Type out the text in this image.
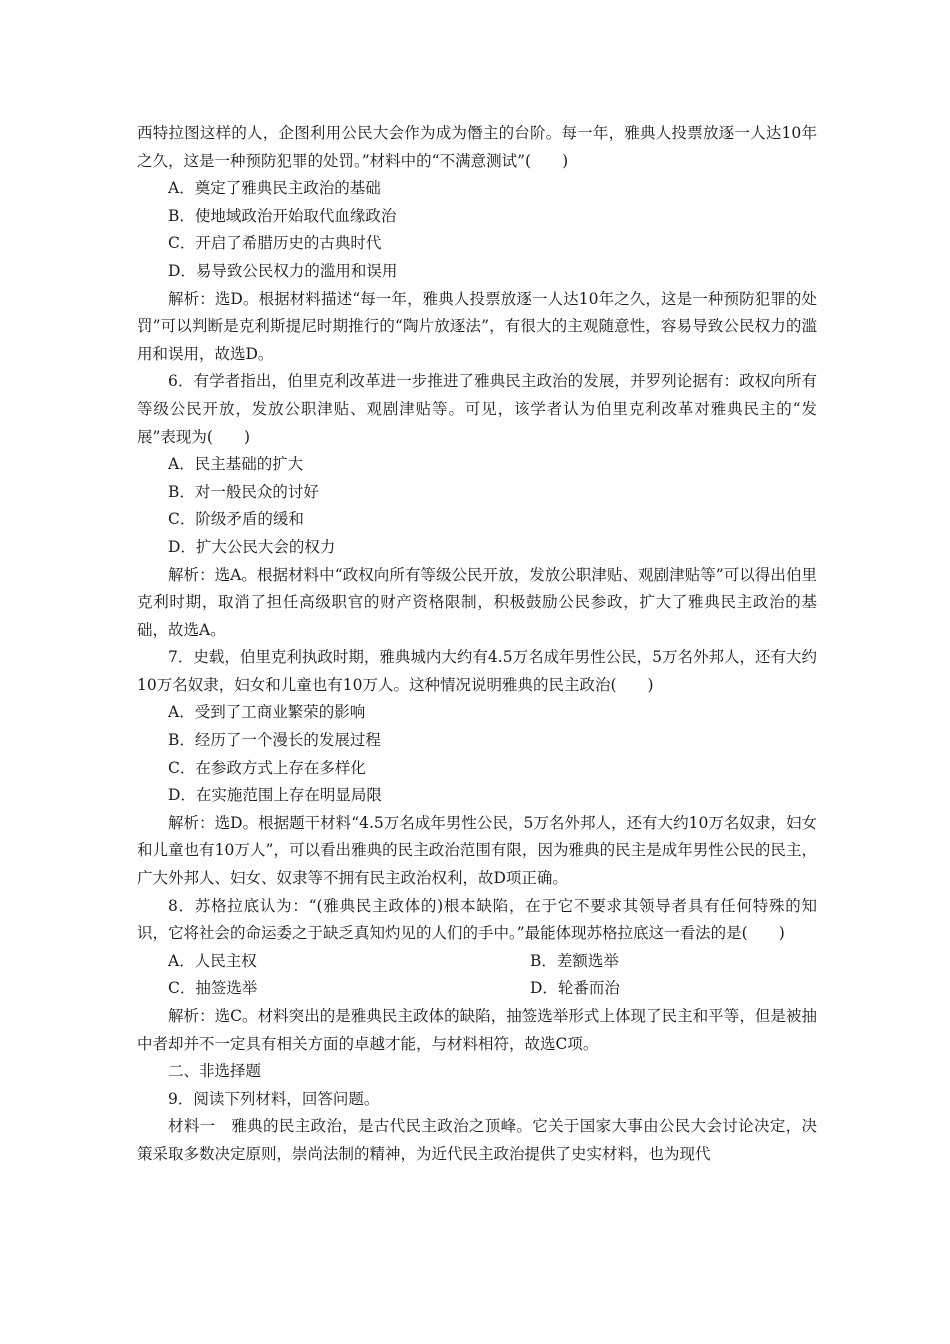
西特拉图这样的人，企图利用公民大会作为成为僭主的台阶。每一年，雅典人投票放逐一人达10年之久，这是一种预防犯罪的处罚。”材料中的“不满意测试”(　　)

A．奠定了雅典民主政治的基础

B．使地域政治开始取代血缘政治

C．开启了希腊历史的古典时代

D．易导致公民权力的滥用和误用

解析：选D。根据材料描述“每一年，雅典人投票放逐一人达10年之久，这是一种预防犯罪的处罚”可以判断是克利斯提尼时期推行的“陶片放逐法”，有很大的主观随意性，容易导致公民权力的滥用和误用，故选D。

6．有学者指出，伯里克利改革进一步推进了雅典民主政治的发展，并罗列论据有：政权向所有等级公民开放，发放公职津贴、观剧津贴等。可见，该学者认为伯里克利改革对雅典民主的“发展”表现为(　　)

A．民主基础的扩大

B．对一般民众的讨好

C．阶级矛盾的缓和

D．扩大公民大会的权力

解析：选A。根据材料中“政权向所有等级公民开放，发放公职津贴、观剧津贴等”可以得出伯里克利时期，取消了担任高级职官的财产资格限制，积极鼓励公民参政，扩大了雅典民主政治的基础，故选A。

7．史载，伯里克利执政时期，雅典城内大约有4.5万名成年男性公民，5万名外邦人，还有大约10万名奴隶，妇女和儿童也有10万人。这种情况说明雅典的民主政治(　　)

A．受到了工商业繁荣的影响

B．经历了一个漫长的发展过程

C．在参政方式上存在多样化

D．在实施范围上存在明显局限

解析：选D。根据题干材料“4.5万名成年男性公民，5万名外邦人，还有大约10万名奴隶，妇女和儿童也有10万人”，可以看出雅典的民主政治范围有限，因为雅典的民主是成年男性公民的民主，广大外邦人、妇女、奴隶等不拥有民主政治权利，故D项正确。

8．苏格拉底认为：“(雅典民主政体的)根本缺陷，在于它不要求其领导者具有任何特殊的知识，它将社会的命运委之于缺乏真知灼见的人们的手中。”最能体现苏格拉底这一看法的是(　　)

A．人民主权	B．差额选举
C．抽签选举	D．轮番而治

解析：选C。材料突出的是雅典民主政体的缺陷，抽签选举形式上体现了民主和平等，但是被抽中者却并不一定具有相关方面的卓越才能，与材料相符，故选C项。

二、非选择题

9．阅读下列材料，回答问题。

材料一　雅典的民主政治，是古代民主政治之顶峰。它关于国家大事由公民大会讨论决定，决策采取多数决定原则，崇尚法制的精神，为近代民主政治提供了史实材料，也为现代
